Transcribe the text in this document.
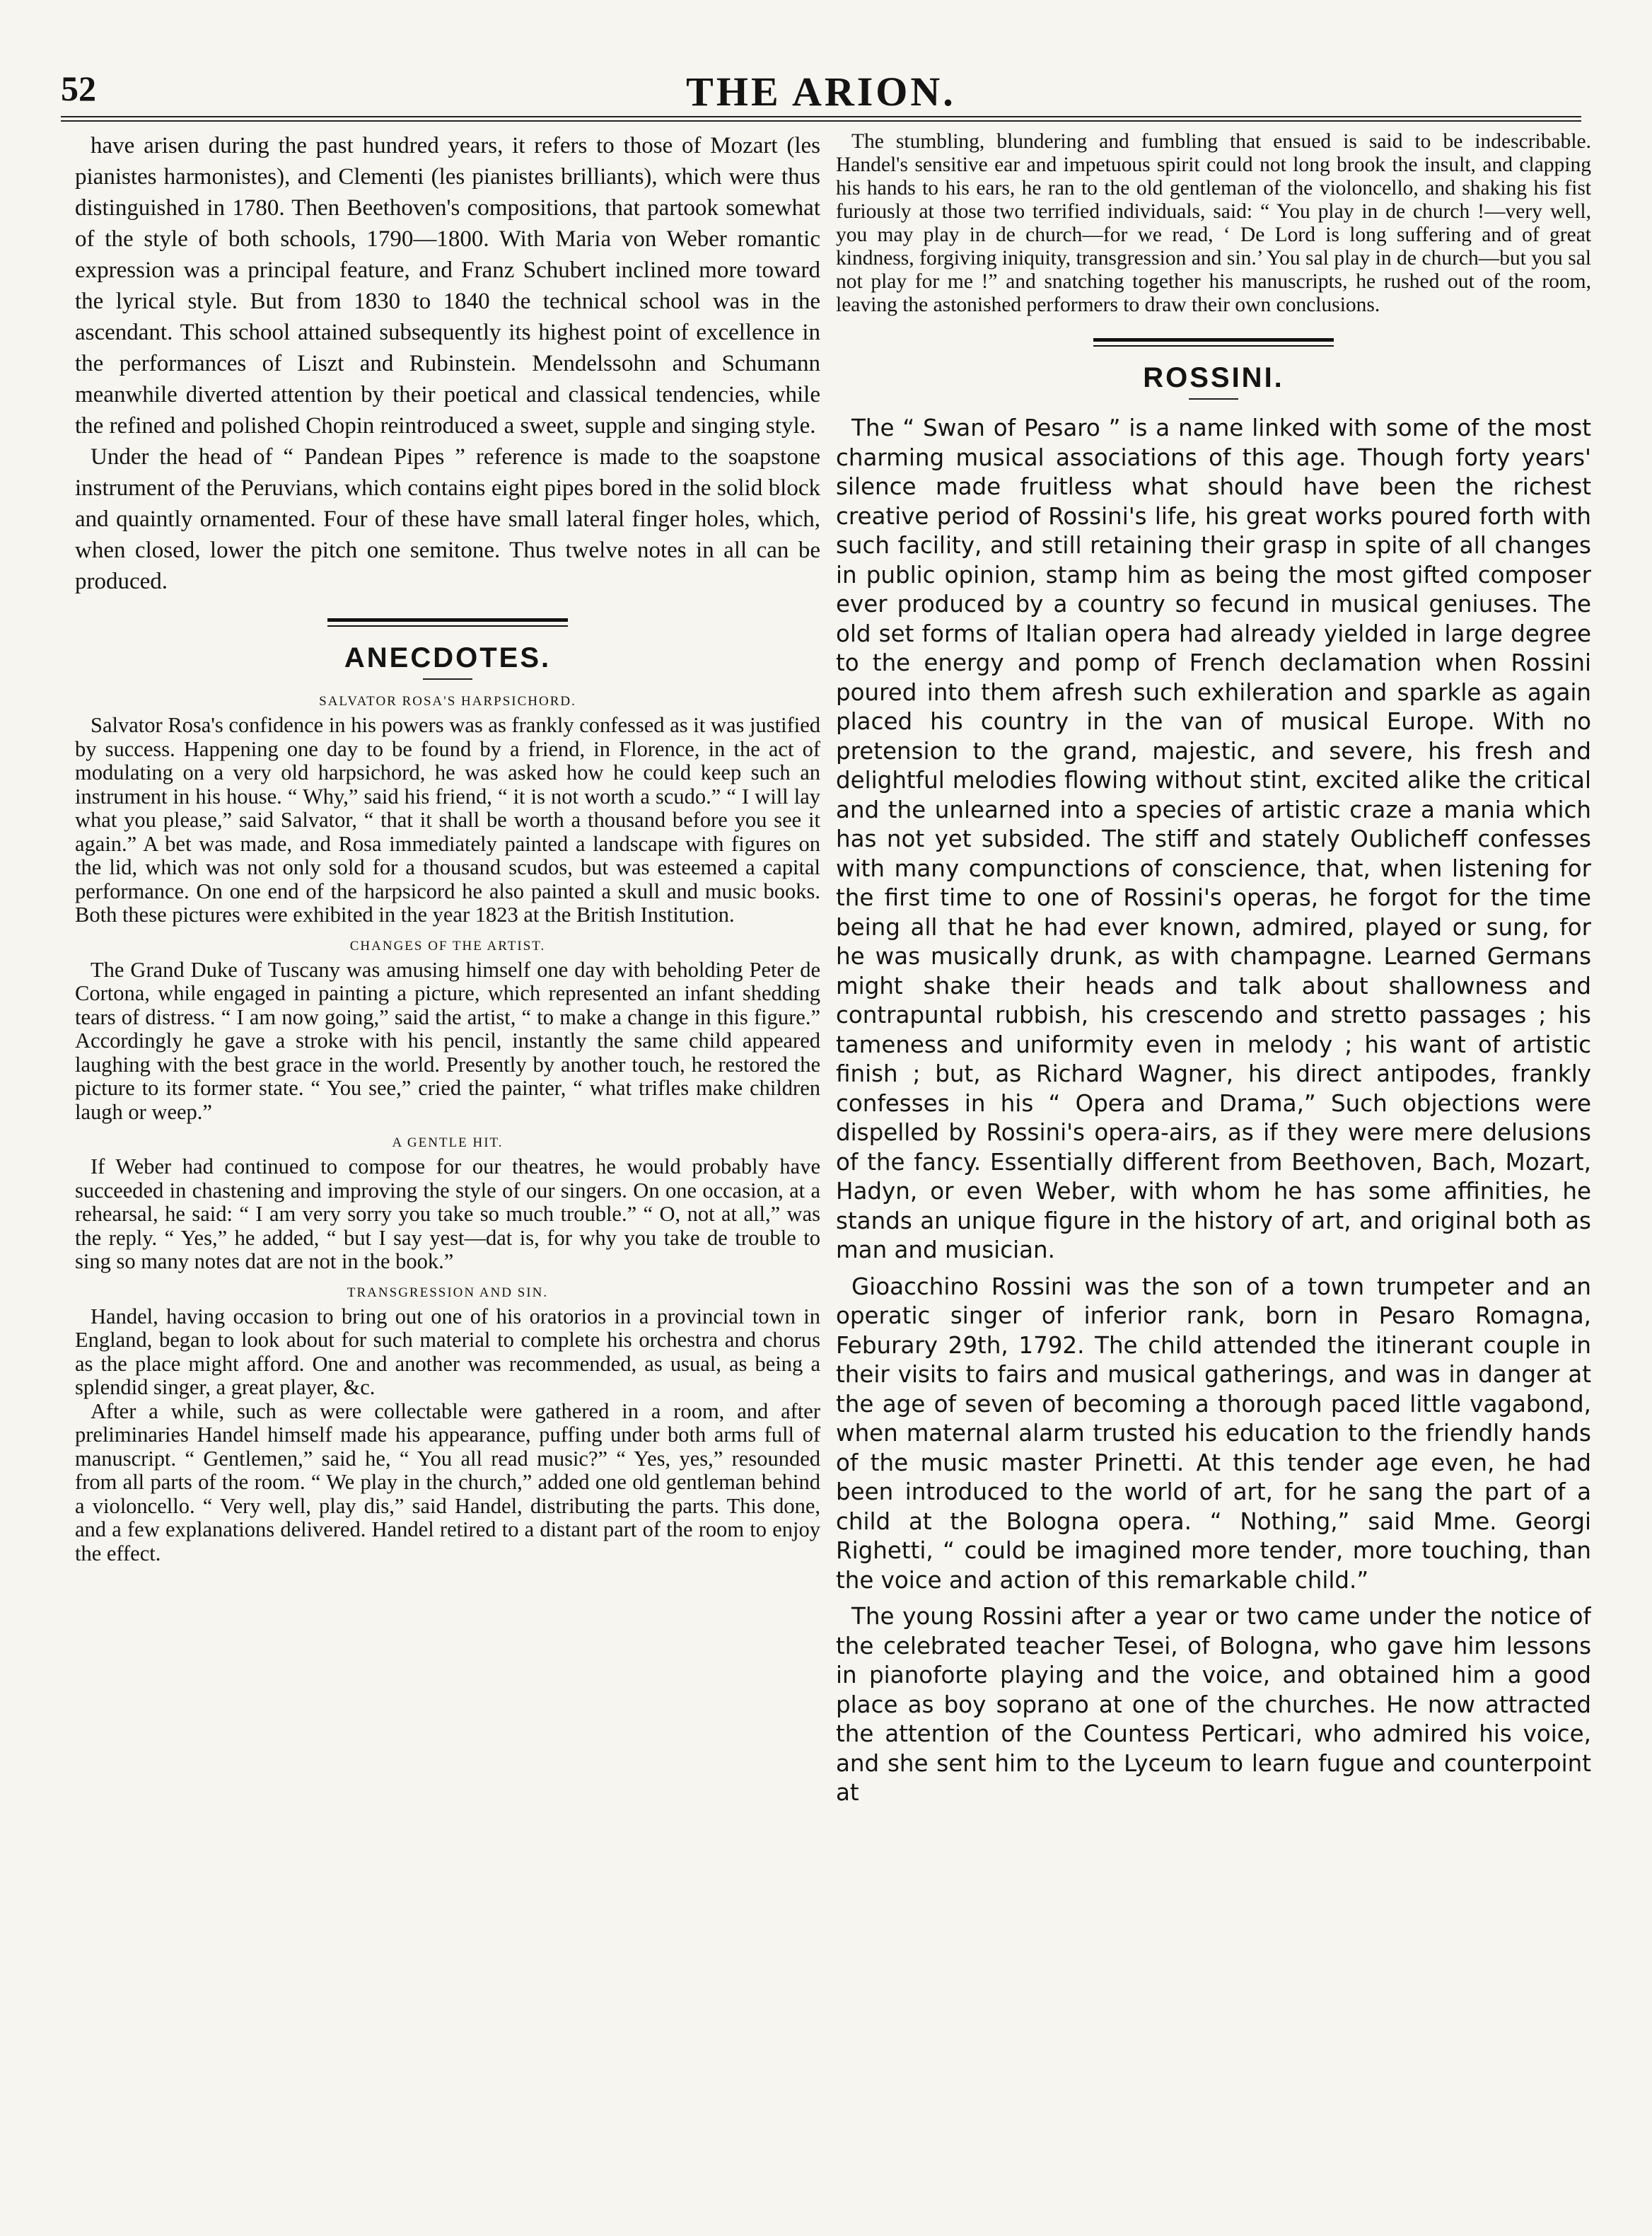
52	THE ARION.

have arisen during the past hundred years, it refers to those of Mozart (les pianistes harmonistes), and Clementi (les pianistes brilliants), which were thus distinguished in 1780. Then Beethoven's compositions, that partook somewhat of the style of both schools, 1790—1800. With Maria von Weber romantic expression was a principal feature, and Franz Schubert inclined more toward the lyrical style. But from 1830 to 1840 the technical school was in the ascendant. This school attained subsequently its highest point of excellence in the performances of Liszt and Rubinstein. Mendelssohn and Schumann meanwhile diverted attention by their poetical and classical tendencies, while the refined and polished Chopin reintroduced a sweet, supple and singing style.

Under the head of “ Pandean Pipes ” reference is made to the soapstone instrument of the Peruvians, which contains eight pipes bored in the solid block and quaintly ornamented. Four of these have small lateral finger holes, which, when closed, lower the pitch one semitone. Thus twelve notes in all can be produced.

ANECDOTES.
SALVATOR ROSA'S HARPSICHORD.

Salvator Rosa's confidence in his powers was as frankly confessed as it was justified by success. Happening one day to be found by a friend, in Florence, in the act of modulating on a very old harpsichord, he was asked how he could keep such an instrument in his house. “ Why,” said his friend, “ it is not worth a scudo.” “ I will lay what you please,” said Salvator, “ that it shall be worth a thousand before you see it again.” A bet was made, and Rosa immediately painted a landscape with figures on the lid, which was not only sold for a thousand scudos, but was esteemed a capital performance. On one end of the harpsicord he also painted a skull and music books. Both these pictures were exhibited in the year 1823 at the British Institution.

CHANGES OF THE ARTIST.

The Grand Duke of Tuscany was amusing himself one day with beholding Peter de Cortona, while engaged in painting a picture, which represented an infant shedding tears of distress. “ I am now going,” said the artist, “ to make a change in this figure.” Accordingly he gave a stroke with his pencil, instantly the same child appeared laughing with the best grace in the world. Presently by another touch, he restored the picture to its former state. “ You see,” cried the painter, “ what trifles make children laugh or weep.”

A GENTLE HIT.

If Weber had continued to compose for our theatres, he would probably have succeeded in chastening and improving the style of our singers. On one occasion, at a rehearsal, he said: “ I am very sorry you take so much trouble.” “ O, not at all,” was the reply. “ Yes,” he added, “ but I say yest—dat is, for why you take de trouble to sing so many notes dat are not in the book.”

TRANSGRESSION AND SIN.

Handel, having occasion to bring out one of his oratorios in a provincial town in England, began to look about for such material to complete his orchestra and chorus as the place might afford. One and another was recommended, as usual, as being a splendid singer, a great player, &c.

After a while, such as were collectable were gathered in a room, and after preliminaries Handel himself made his appearance, puffing under both arms full of manuscript. “ Gentlemen,” said he, “ You all read music?” “ Yes, yes,” resounded from all parts of the room. “ We play in the church,” added one old gentleman behind a violoncello. “ Very well, play dis,” said Handel, distributing the parts. This done, and a few explanations delivered. Handel retired to a distant part of the room to enjoy the effect.

The stumbling, blundering and fumbling that ensued is said to be indescribable. Handel's sensitive ear and impetuous spirit could not long brook the insult, and clapping his hands to his ears, he ran to the old gentleman of the violoncello, and shaking his fist furiously at those two terrified individuals, said: “ You play in de church !—very well, you may play in de church—for we read, ‘ De Lord is long suffering and of great kindness, forgiving iniquity, transgression and sin.’ You sal play in de church—but you sal not play for me !” and snatching together his manuscripts, he rushed out of the room, leaving the astonished performers to draw their own conclusions.

ROSSINI.

The “ Swan of Pesaro ” is a name linked with some of the most charming musical associations of this age. Though forty years' silence made fruitless what should have been the richest creative period of Rossini's life, his great works poured forth with such facility, and still retaining their grasp in spite of all changes in public opinion, stamp him as being the most gifted composer ever produced by a country so fecund in musical geniuses. The old set forms of Italian opera had already yielded in large degree to the energy and pomp of French declamation when Rossini poured into them afresh such exhileration and sparkle as again placed his country in the van of musical Europe. With no pretension to the grand, majestic, and severe, his fresh and delightful melodies flowing without stint, excited alike the critical and the unlearned into a species of artistic craze a mania which has not yet subsided. The stiff and stately Oublicheff confesses with many compunctions of conscience, that, when listening for the first time to one of Rossini's operas, he forgot for the time being all that he had ever known, admired, played or sung, for he was musically drunk, as with champagne. Learned Germans might shake their heads and talk about shallowness and contrapuntal rubbish, his crescendo and stretto passages ; his tameness and uniformity even in melody ; his want of artistic finish ; but, as Richard Wagner, his direct antipodes, frankly confesses in his “ Opera and Drama,” Such objections were dispelled by Rossini's opera-airs, as if they were mere delusions of the fancy. Essentially different from Beethoven, Bach, Mozart, Hadyn, or even Weber, with whom he has some affinities, he stands an unique figure in the history of art, and original both as man and musician.

Gioacchino Rossini was the son of a town trumpeter and an operatic singer of inferior rank, born in Pesaro Romagna, Feburary 29th, 1792. The child attended the itinerant couple in their visits to fairs and musical gatherings, and was in danger at the age of seven of becoming a thorough paced little vagabond, when maternal alarm trusted his education to the friendly hands of the music master Prinetti. At this tender age even, he had been introduced to the world of art, for he sang the part of a child at the Bologna opera. “ Nothing,” said Mme. Georgi Righetti, “ could be imagined more tender, more touching, than the voice and action of this remarkable child.”

The young Rossini after a year or two came under the notice of the celebrated teacher Tesei, of Bologna, who gave him lessons in pianoforte playing and the voice, and obtained him a good place as boy soprano at one of the churches. He now attracted the attention of the Countess Perticari, who admired his voice, and she sent him to the Lyceum to learn fugue and counterpoint at
